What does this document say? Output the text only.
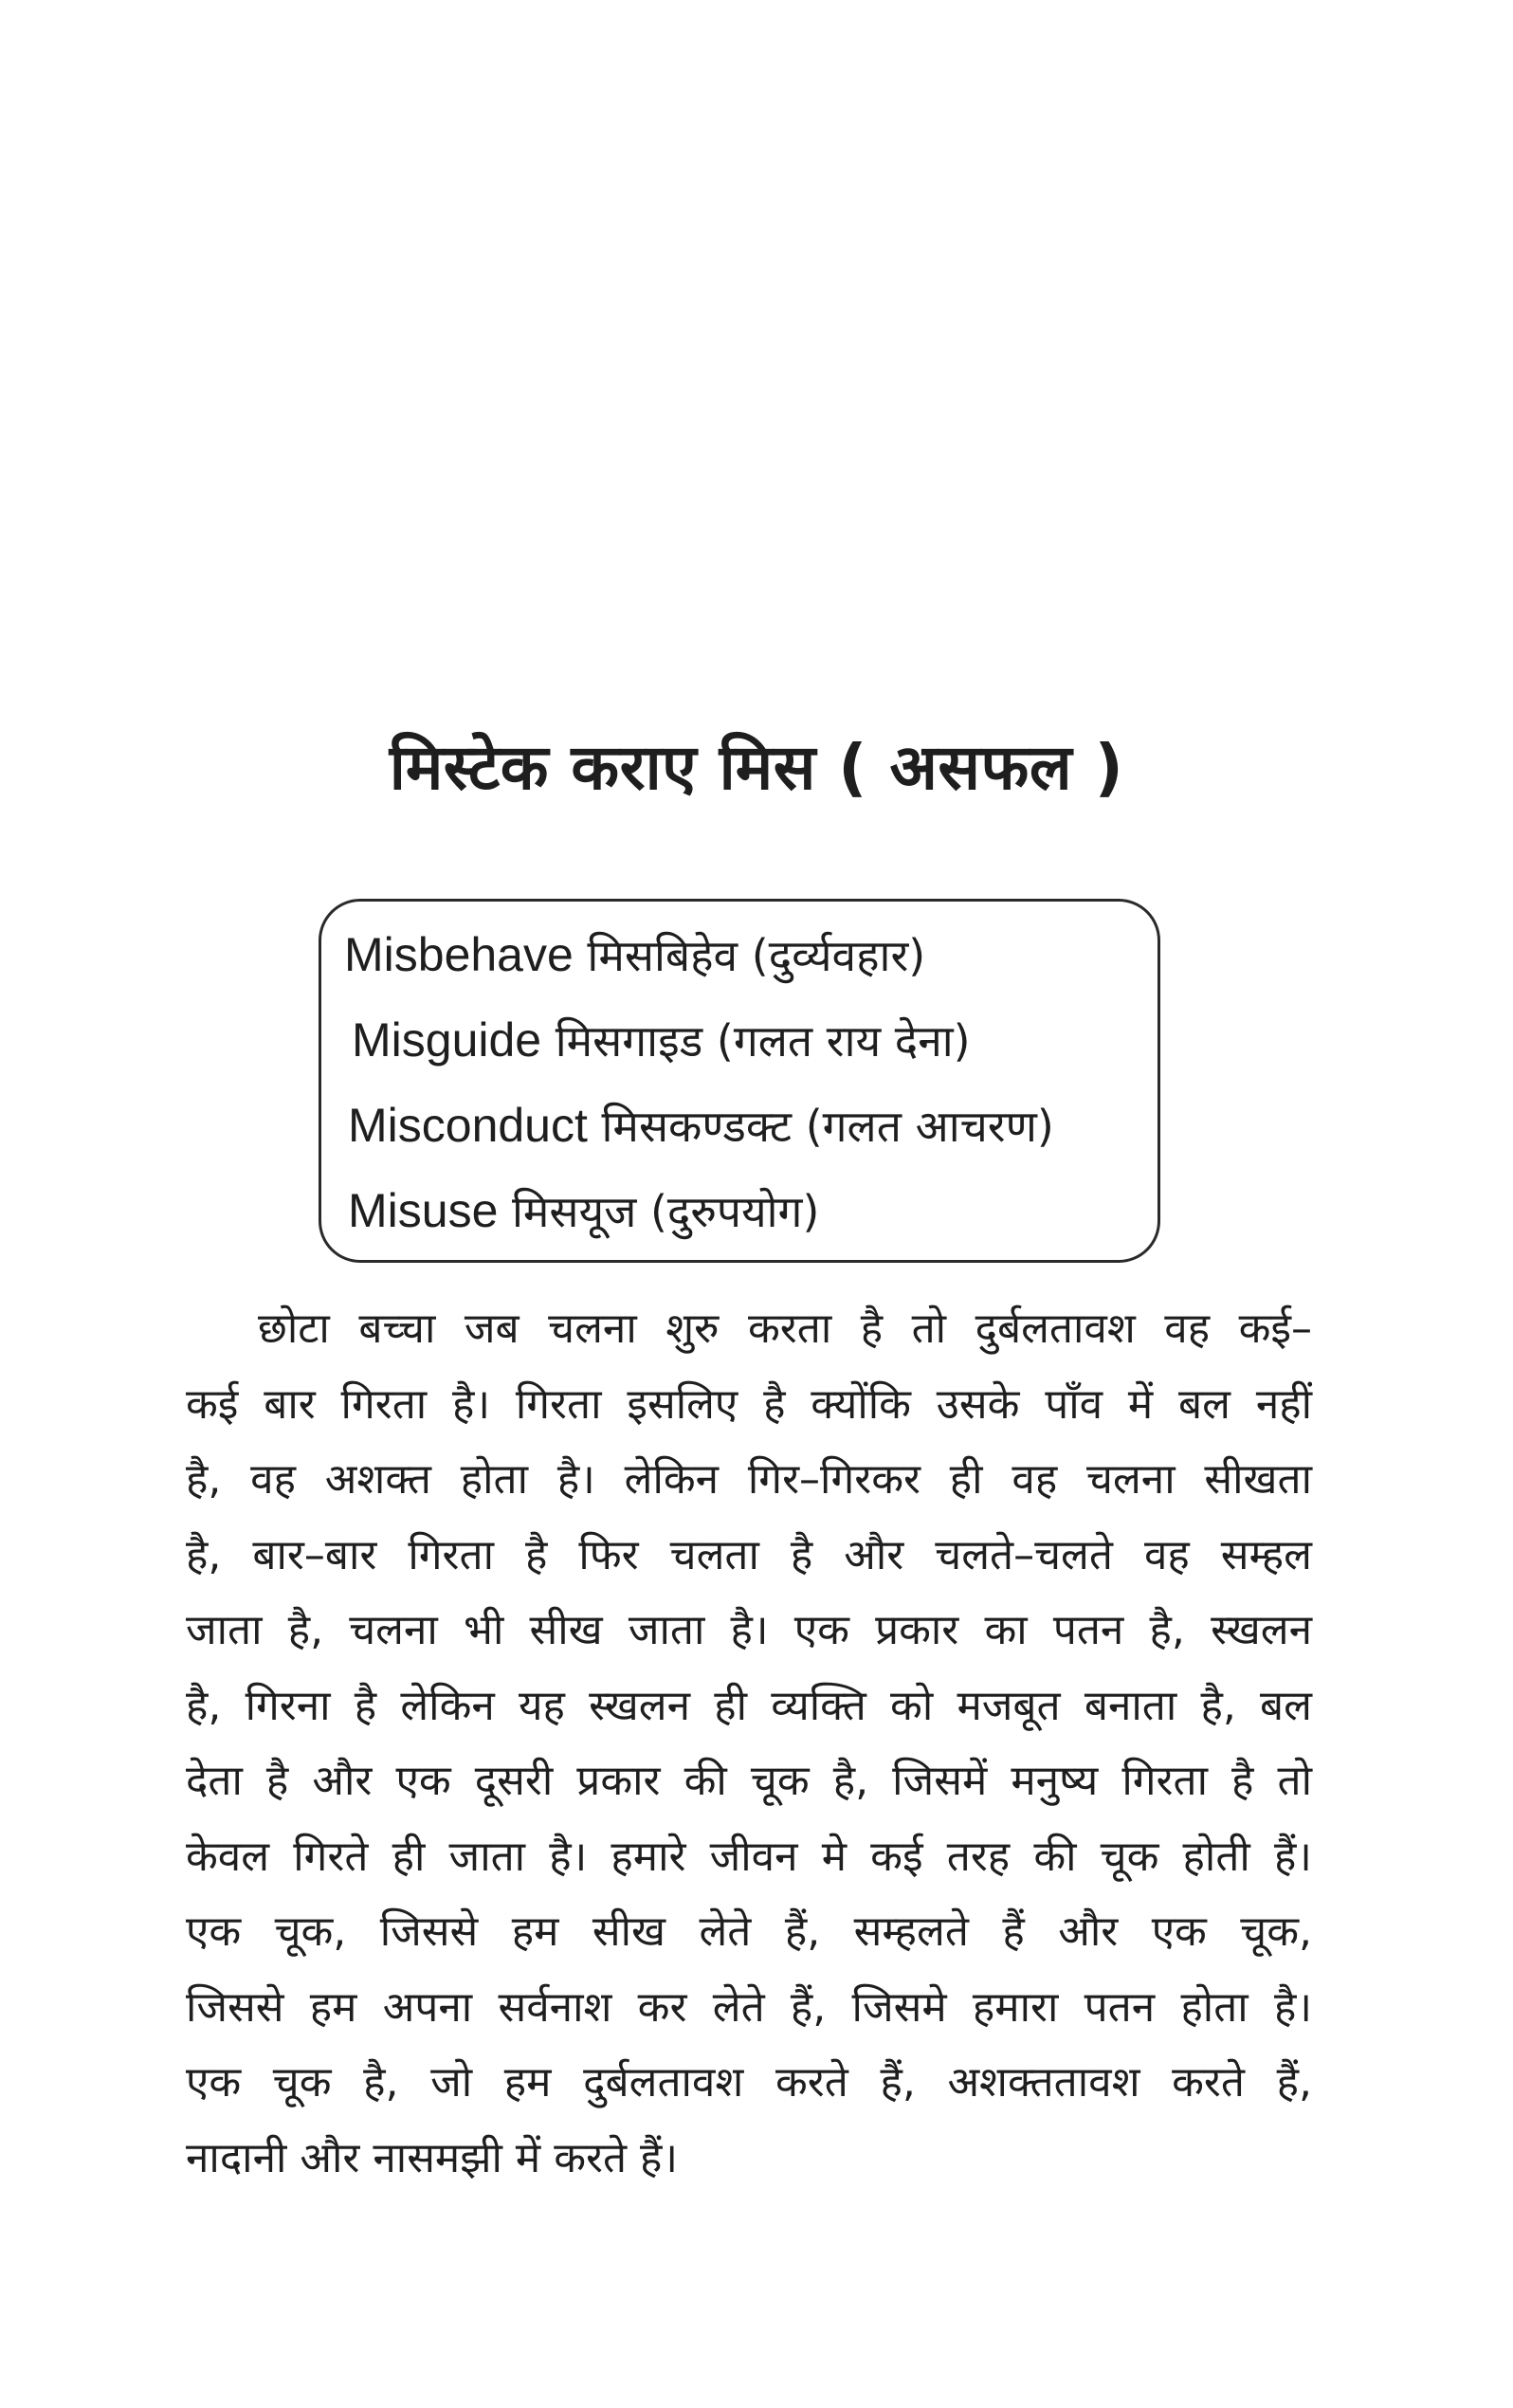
मिस्टेक कराए मिस ( असफल )
Misbehave मिसबिहेव (दुर्व्यवहार)
Misguide मिसगाइड (गलत राय देना)
Misconduct मिसकण्डक्ट (गलत आचरण)
Misuse मिसयूज (दुरुपयोग)
छोटा बच्चा जब चलना शुरु करता है तो दुर्बलतावश वह कई–
कई बार गिरता है। गिरता इसलिए है क्योंकि उसके पाँव में बल नहीं
है, वह अशक्त होता है। लेकिन गिर–गिरकर ही वह चलना सीखता
है, बार–बार गिरता है फिर चलता है और चलते–चलते वह सम्हल
जाता है, चलना भी सीख जाता है। एक प्रकार का पतन है, स्खलन
है, गिरना है लेकिन यह स्खलन ही व्यक्ति को मजबूत बनाता है, बल
देता है और एक दूसरी प्रकार की चूक है, जिसमें मनुष्य गिरता है तो
केवल गिरते ही जाता है। हमारे जीवन मे कई तरह की चूक होती हैं।
एक चूक, जिससे हम सीख लेते हैं, सम्हलते हैं और एक चूक,
जिससे हम अपना सर्वनाश कर लेते हैं, जिसमे हमारा पतन होता है।
एक चूक है, जो हम दुर्बलतावश करते हैं, अशक्ततावश करते हैं,
नादानी और नासमझी में करते हैं।
